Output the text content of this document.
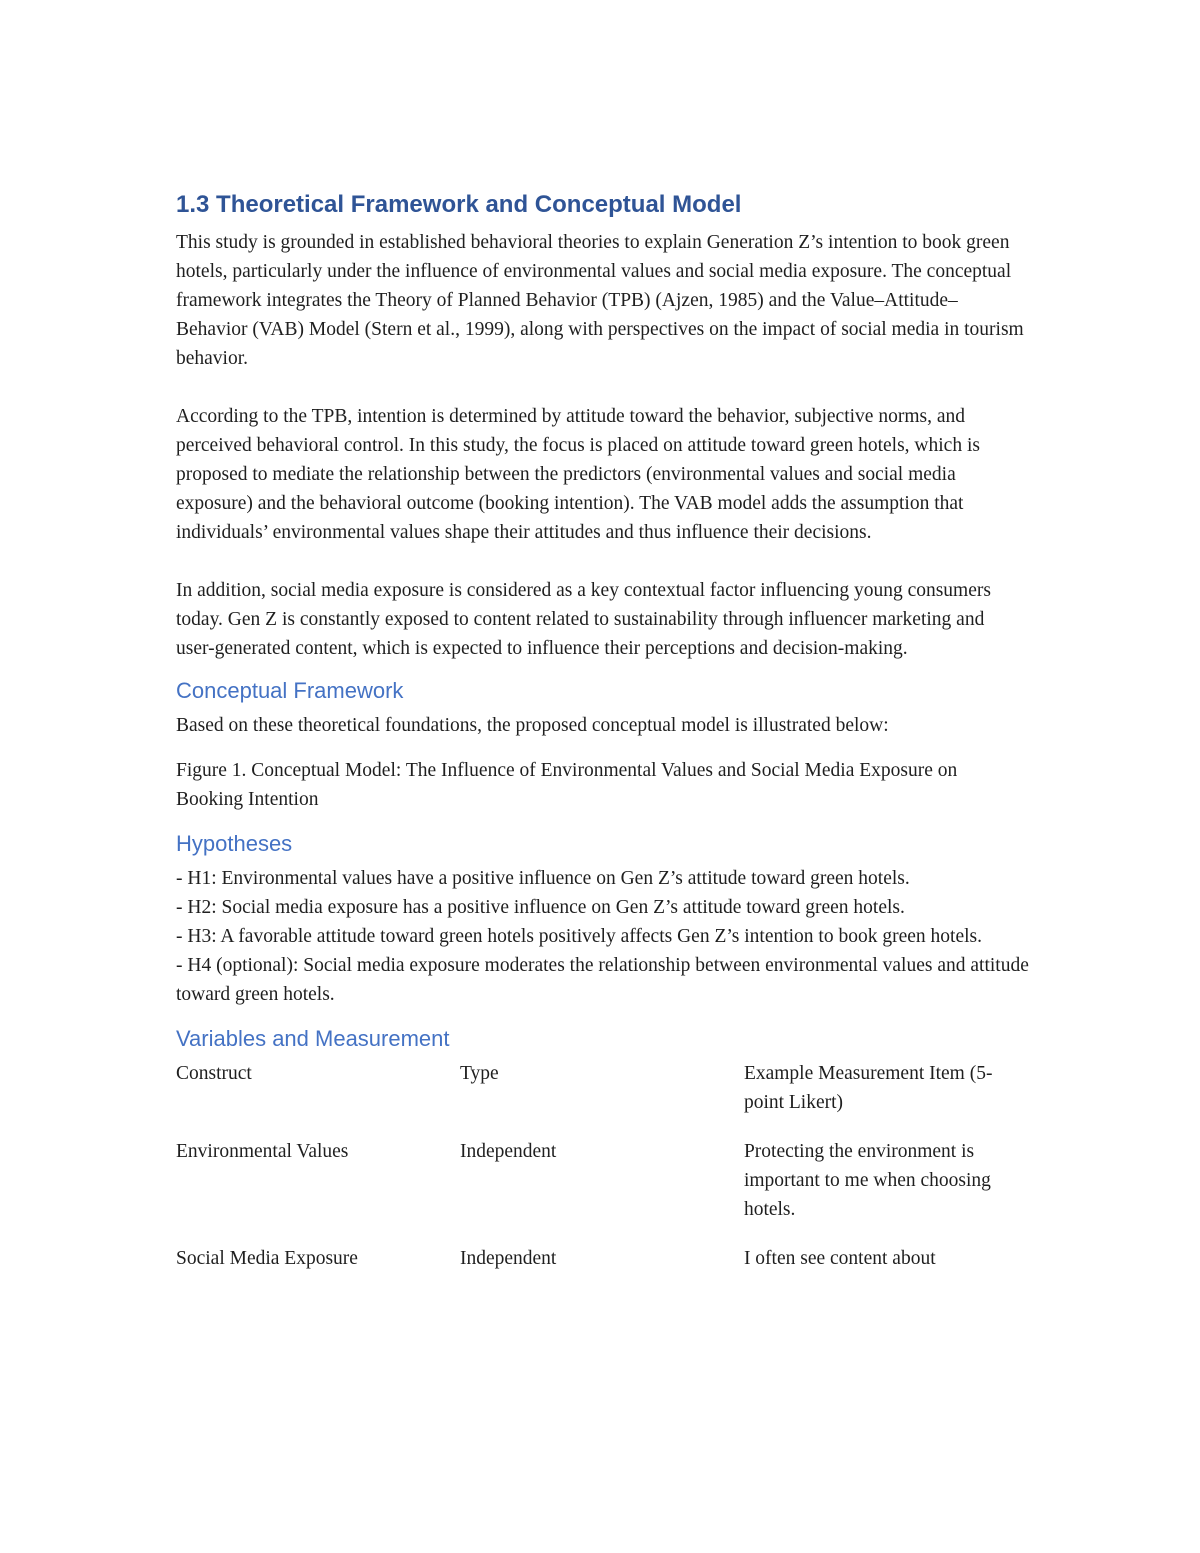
1.3 Theoretical Framework and Conceptual Model

This study is grounded in established behavioral theories to explain Generation Z’s intention to book green hotels, particularly under the influence of environmental values and social media exposure. The conceptual framework integrates the Theory of Planned Behavior (TPB) (Ajzen, 1985) and the Value–Attitude–Behavior (VAB) Model (Stern et al., 1999), along with perspectives on the impact of social media in tourism behavior.

According to the TPB, intention is determined by attitude toward the behavior, subjective norms, and perceived behavioral control. In this study, the focus is placed on attitude toward green hotels, which is proposed to mediate the relationship between the predictors (environmental values and social media exposure) and the behavioral outcome (booking intention). The VAB model adds the assumption that individuals’ environmental values shape their attitudes and thus influence their decisions.

In addition, social media exposure is considered as a key contextual factor influencing young consumers today. Gen Z is constantly exposed to content related to sustainability through influencer marketing and user-generated content, which is expected to influence their perceptions and decision-making.

Conceptual Framework

Based on these theoretical foundations, the proposed conceptual model is illustrated below:

Figure 1. Conceptual Model: The Influence of Environmental Values and Social Media Exposure on Booking Intention

Hypotheses
- H1: Environmental values have a positive influence on Gen Z’s attitude toward green hotels.
- H2: Social media exposure has a positive influence on Gen Z’s attitude toward green hotels.
- H3: A favorable attitude toward green hotels positively affects Gen Z’s intention to book green hotels.
- H4 (optional): Social media exposure moderates the relationship between environmental values and attitude toward green hotels.
Variables and Measurement
Construct	Type	Example Measurement Item (5-point Likert)
Environmental Values	Independent	Protecting the environment is important to me when choosing hotels.
Social Media Exposure	Independent	I often see content about
